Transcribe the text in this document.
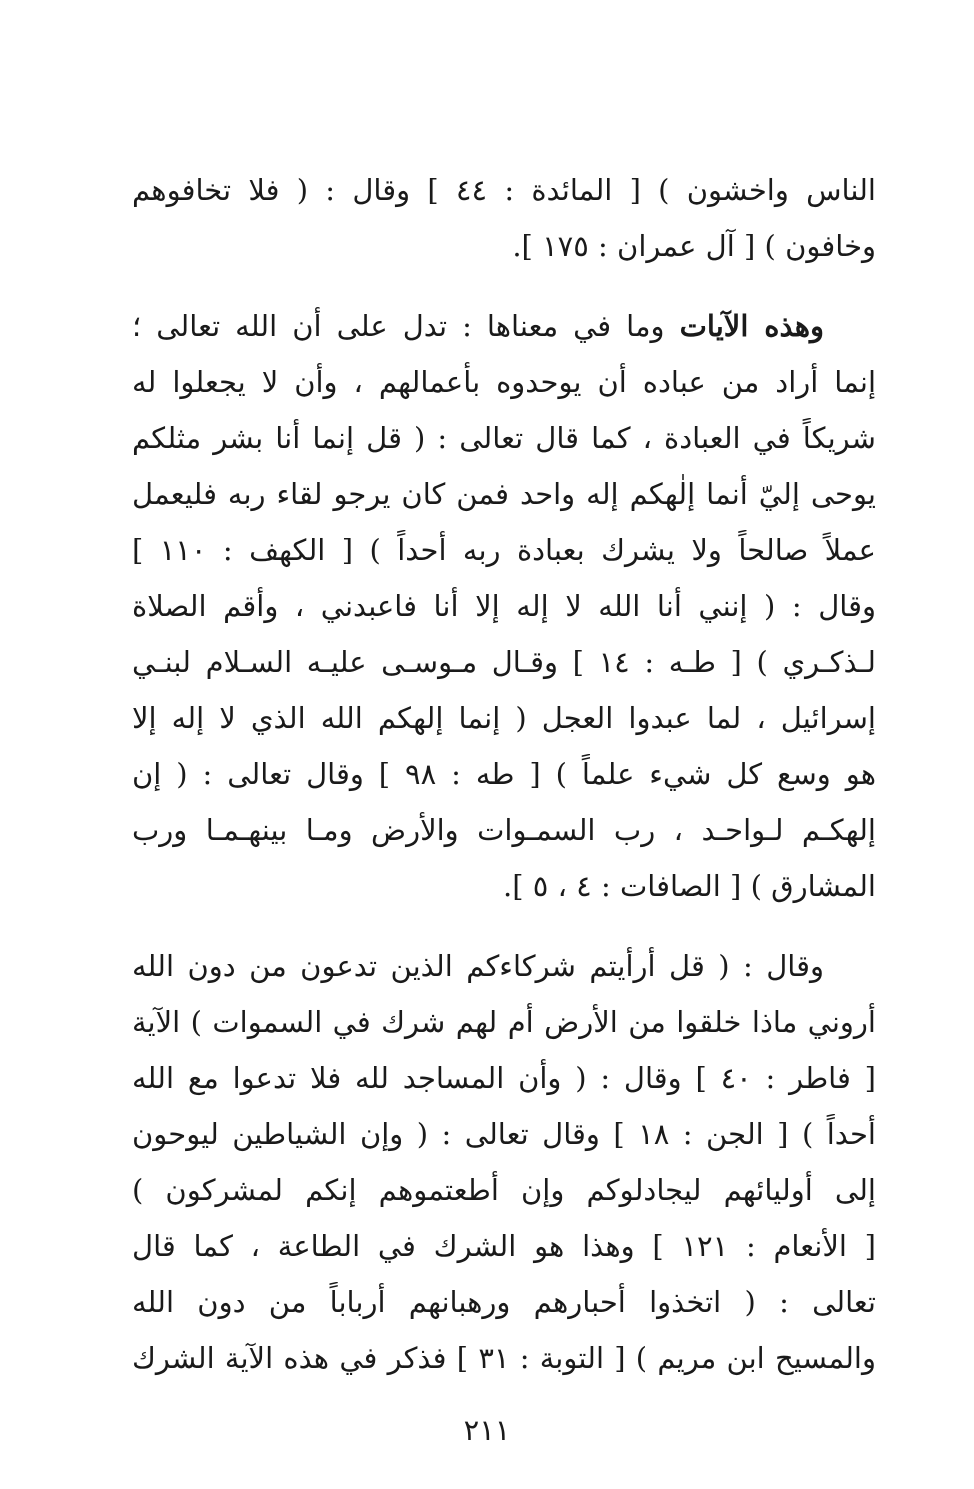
الناس واخشون ) [ المائدة : ٤٤ ] وقال : ( فلا تخافوهم
وخافون ) [ آل عمران : ١٧٥ ].
وهذه الآيات وما في معناها : تدل على أن الله تعالى ؛
إنما أراد من عباده أن يوحدوه بأعمالهم ، وأن لا يجعلوا له
شريكاً في العبادة ، كما قال تعالى : ( قل إنما أنا بشر مثلكم
يوحى إليّ أنما إلٰهكم إله واحد فمن كان يرجو لقاء ربه فليعمل
عملاً صالحاً ولا يشرك بعبادة ربه أحداً ) [ الكهف : ١١٠ ]
وقال : ( إنني أنا الله لا إله إلا أنا فاعبدني ، وأقم الصلاة
لـذكـري ) [ طـه : ١٤ ] وقـال مـوسـى عليـه السـلام لبنـي
إسرائيل ، لما عبدوا العجل ( إنما إلهكم الله الذي لا إله إلا
هو وسع كل شيء علماً ) [ طه : ٩٨ ] وقال تعالى : ( إن
إلهكـم لـواحـد ، رب السمـوات والأرض ومـا بينهـمـا ورب
المشارق ) [ الصافات : ٤ ، ٥ ].
وقال : ( قل أرأيتم شركاءكم الذين تدعون من دون الله
أروني ماذا خلقوا من الأرض أم لهم شرك في السموات ) الآية
[ فاطر : ٤٠ ] وقال : ( وأن المساجد لله فلا تدعوا مع الله
أحداً ) [ الجن : ١٨ ] وقال تعالى : ( وإن الشياطين ليوحون
إلى أوليائهم ليجادلوكم وإن أطعتموهم إنكم لمشركون )
[ الأنعام : ١٢١ ] وهذا هو الشرك في الطاعة ، كما قال
تعالى : ( اتخذوا أحبارهم ورهبانهم أرباباً من دون الله
والمسيح ابن مريم ) [ التوبة : ٣١ ] فذكر في هذه الآية الشرك
٢١١
